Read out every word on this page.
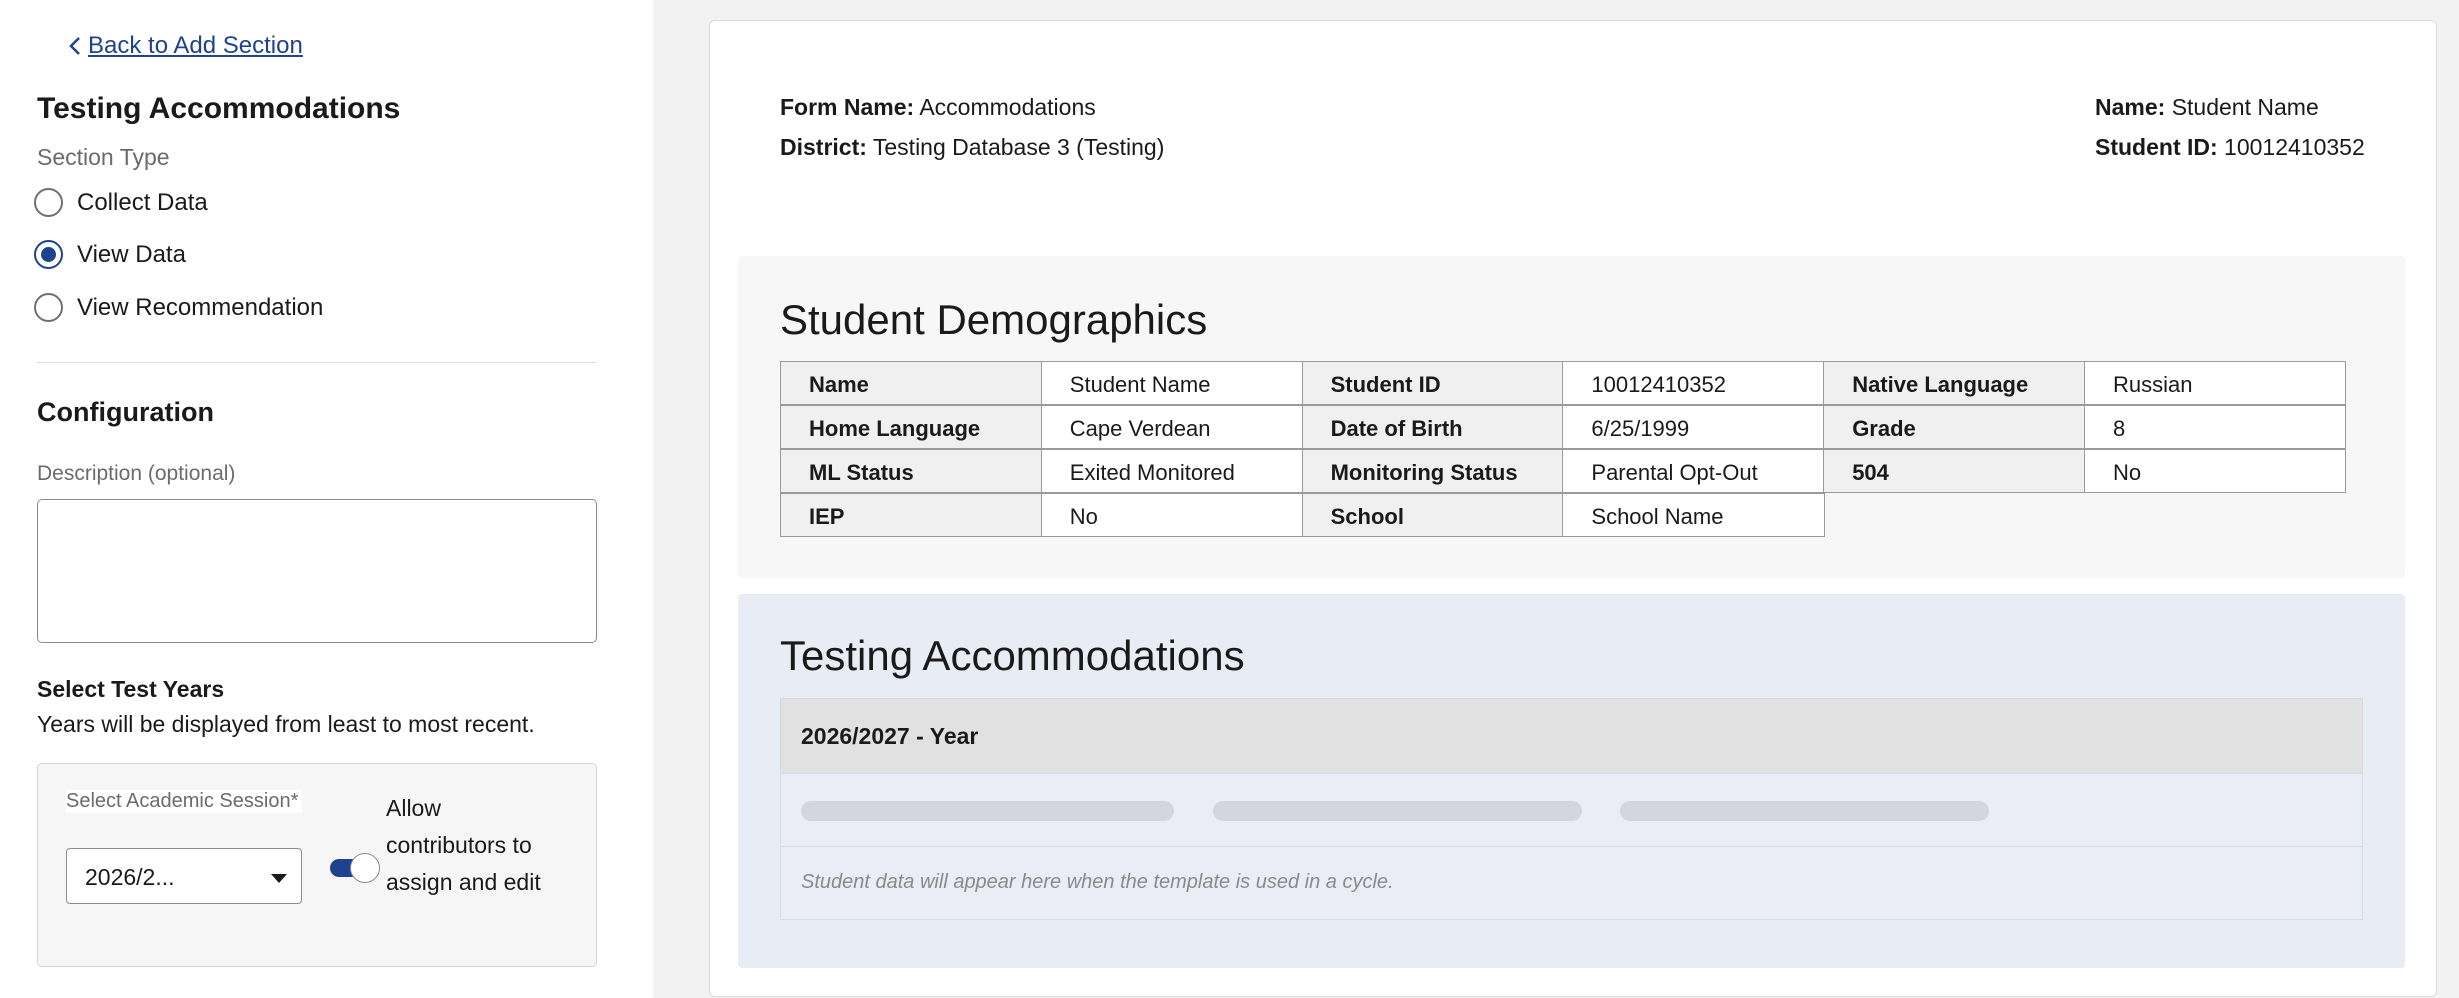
Back to Add Section
Testing Accommodations
Section Type
Collect Data
View Data
View Recommendation
Configuration
Description (optional)
Select Test Years
Years will be displayed from least to most recent.
Select Academic Session*
2026/2...
Allow contributors to assign and edit
Form Name: Accommodations
District: Testing Database 3 (Testing)
Name: Student Name
Student ID: 10012410352
Student Demographics
Name	Student Name	Student ID	10012410352	Native Language	Russian
Home Language	Cape Verdean	Date of Birth	6/25/1999	Grade	8
ML Status	Exited Monitored	Monitoring Status	Parental Opt-Out	504	No
IEP	No	School	School Name
Testing Accommodations
2026/2027 - Year
Student data will appear here when the template is used in a cycle.
